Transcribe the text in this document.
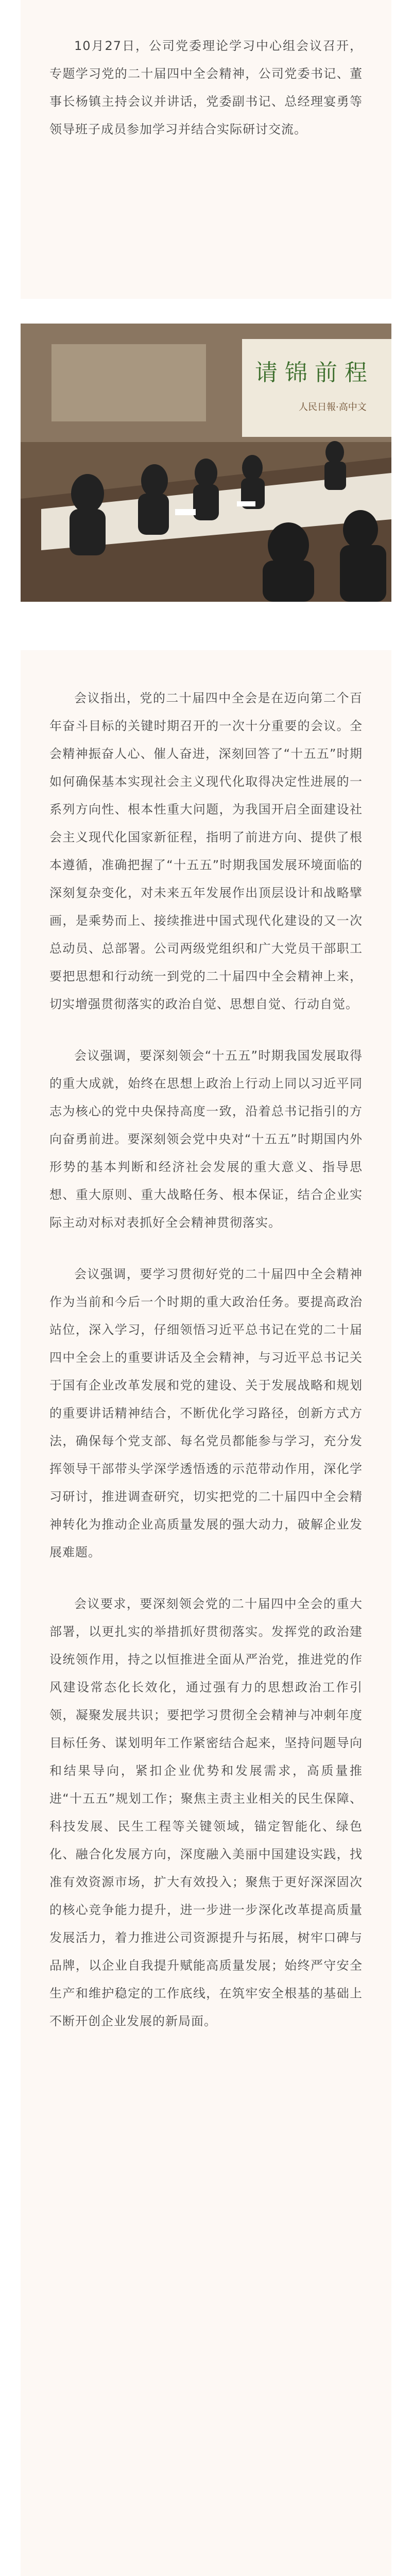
10月27日，公司党委理论学习中心组会议召开，专题学习党的二十届四中全会精神，公司党委书记、董事长杨镇主持会议并讲话，党委副书记、总经理宴勇等领导班子成员参加学习并结合实际研讨交流。

请 锦 前 程
人民日報·高中文

会议指出，党的二十届四中全会是在迈向第二个百年奋斗目标的关键时期召开的一次十分重要的会议。全会精神振奋人心、催人奋进，深刻回答了“十五五”时期如何确保基本实现社会主义现代化取得决定性进展的一系列方向性、根本性重大问题，为我国开启全面建设社会主义现代化国家新征程，指明了前进方向、提供了根本遵循，准确把握了“十五五”时期我国发展环境面临的深刻复杂变化，对未来五年发展作出顶层设计和战略擘画，是乘势而上、接续推进中国式现代化建设的又一次总动员、总部署。公司两级党组织和广大党员干部职工要把思想和行动统一到党的二十届四中全会精神上来，切实增强贯彻落实的政治自觉、思想自觉、行动自觉。

会议强调，要深刻领会“十五五”时期我国发展取得的重大成就，始终在思想上政治上行动上同以习近平同志为核心的党中央保持高度一致，沿着总书记指引的方向奋勇前进。要深刻领会党中央对“十五五”时期国内外形势的基本判断和经济社会发展的重大意义、指导思想、重大原则、重大战略任务、根本保证，结合企业实际主动对标对表抓好全会精神贯彻落实。

会议强调，要学习贯彻好党的二十届四中全会精神作为当前和今后一个时期的重大政治任务。要提高政治站位，深入学习，仔细领悟习近平总书记在党的二十届四中全会上的重要讲话及全会精神，与习近平总书记关于国有企业改革发展和党的建设、关于发展战略和规划的重要讲话精神结合，不断优化学习路径，创新方式方法，确保每个党支部、每名党员都能参与学习，充分发挥领导干部带头学深学透悟透的示范带动作用，深化学习研讨，推进调查研究，切实把党的二十届四中全会精神转化为推动企业高质量发展的强大动力，破解企业发展难题。

会议要求，要深刻领会党的二十届四中全会的重大部署，以更扎实的举措抓好贯彻落实。发挥党的政治建设统领作用，持之以恒推进全面从严治党，推进党的作风建设常态化长效化，通过强有力的思想政治工作引领，凝聚发展共识；要把学习贯彻全会精神与冲刺年度目标任务、谋划明年工作紧密结合起来，坚持问题导向和结果导向，紧扣企业优势和发展需求，高质量推进“十五五”规划工作；聚焦主责主业相关的民生保障、科技发展、民生工程等关键领域，锚定智能化、绿色化、融合化发展方向，深度融入美丽中国建设实践，找准有效资源市场，扩大有效投入；聚焦于更好深深固次的核心竞争能力提升，进一步进一步深化改革提高质量发展活力，着力推进公司资源提升与拓展，树牢口碑与品牌，以企业自我提升赋能高质量发展；始终严守安全生产和维护稳定的工作底线，在筑牢安全根基的基础上不断开创企业发展的新局面。
